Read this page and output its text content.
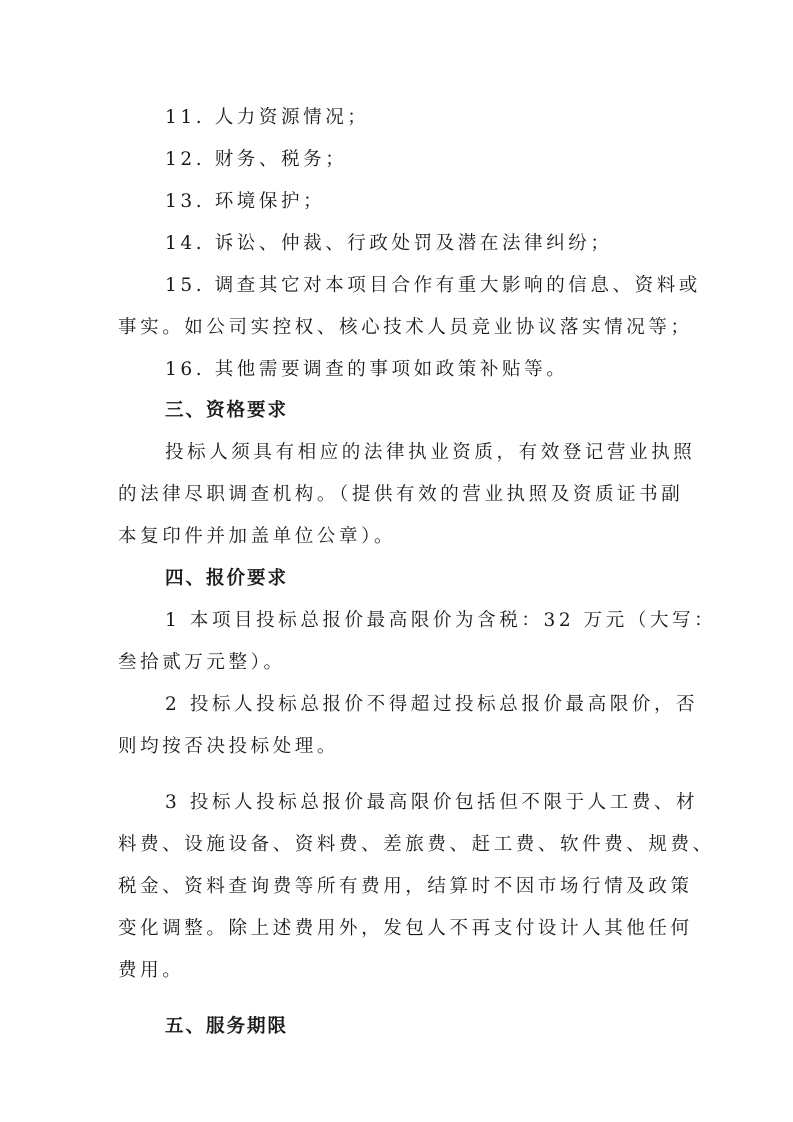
11. 人力资源情况；
12. 财务、税务；
13. 环境保护；
14. 诉讼、仲裁、行政处罚及潜在法律纠纷；
15. 调查其它对本项目合作有重大影响的信息、资料或
事实。如公司实控权、核心技术人员竞业协议落实情况等；
16. 其他需要调查的事项如政策补贴等。
三、资格要求
投标人须具有相应的法律执业资质，有效登记营业执照
的法律尽职调查机构。（提供有效的营业执照及资质证书副
本复印件并加盖单位公章）。
四、报价要求
1 本项目投标总报价最高限价为含税：32 万元（大写：
叁拾贰万元整）。
2 投标人投标总报价不得超过投标总报价最高限价，否
则均按否决投标处理。
3 投标人投标总报价最高限价包括但不限于人工费、材
料费、设施设备、资料费、差旅费、赶工费、软件费、规费、
税金、资料查询费等所有费用，结算时不因市场行情及政策
变化调整。除上述费用外，发包人不再支付设计人其他任何
费用。
五、服务期限
